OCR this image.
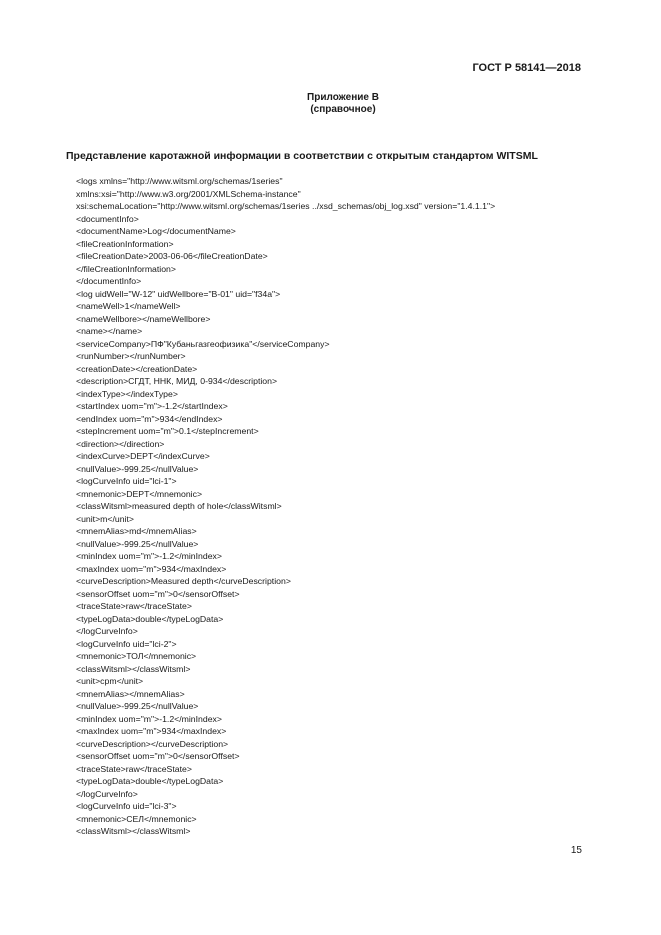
ГОСТ Р 58141—2018
Приложение В
(справочное)
Представление каротажной информации в соответствии с открытым стандартом WITSML
<logs xmlns="http://www.witsml.org/schemas/1series"
xmlns:xsi="http://www.w3.org/2001/XMLSchema-instance"
xsi:schemaLocation="http://www.witsml.org/schemas/1series ../xsd_schemas/obj_log.xsd" version="1.4.1.1">
<documentInfo>
<documentName>Log</documentName>
<fileCreationInformation>
<fileCreationDate>2003-06-06</fileCreationDate>
</fileCreationInformation>
</documentInfo>
<log uidWell="W-12" uidWellbore="B-01" uid="f34a">
<nameWell>1</nameWell>
<nameWellbore></nameWellbore>
<name></name>
<serviceCompany>ПФ"Кубаньгазгеофизика"</serviceCompany>
<runNumber></runNumber>
<creationDate></creationDate>
<description>СГДТ, ННК, МИД, 0-934</description>
<indexType></indexType>
<startIndex uom="m">-1.2</startIndex>
<endIndex uom="m">934</endIndex>
<stepIncrement uom="m">0.1</stepIncrement>
<direction></direction>
<indexCurve>DEPT</indexCurve>
<nullValue>-999.25</nullValue>
<logCurveInfo uid="lci-1">
<mnemonic>DEPT</mnemonic>
<classWitsml>measured depth of hole</classWitsml>
<unit>m</unit>
<mnemAlias>md</mnemAlias>
<nullValue>-999.25</nullValue>
<minIndex uom="m">-1.2</minIndex>
<maxIndex uom="m">934</maxIndex>
<curveDescription>Measured depth</curveDescription>
<sensorOffset uom="m">0</sensorOffset>
<traceState>raw</traceState>
<typeLogData>double</typeLogData>
</logCurveInfo>
<logCurveInfo uid="lci-2">
<mnemonic>ТОЛ</mnemonic>
<classWitsml></classWitsml>
<unit>cpm</unit>
<mnemAlias></mnemAlias>
<nullValue>-999.25</nullValue>
<minIndex uom="m">-1.2</minIndex>
<maxIndex uom="m">934</maxIndex>
<curveDescription></curveDescription>
<sensorOffset uom="m">0</sensorOffset>
<traceState>raw</traceState>
<typeLogData>double</typeLogData>
</logCurveInfo>
<logCurveInfo uid="lci-3">
<mnemonic>СЕЛ</mnemonic>
<classWitsml></classWitsml>
15
